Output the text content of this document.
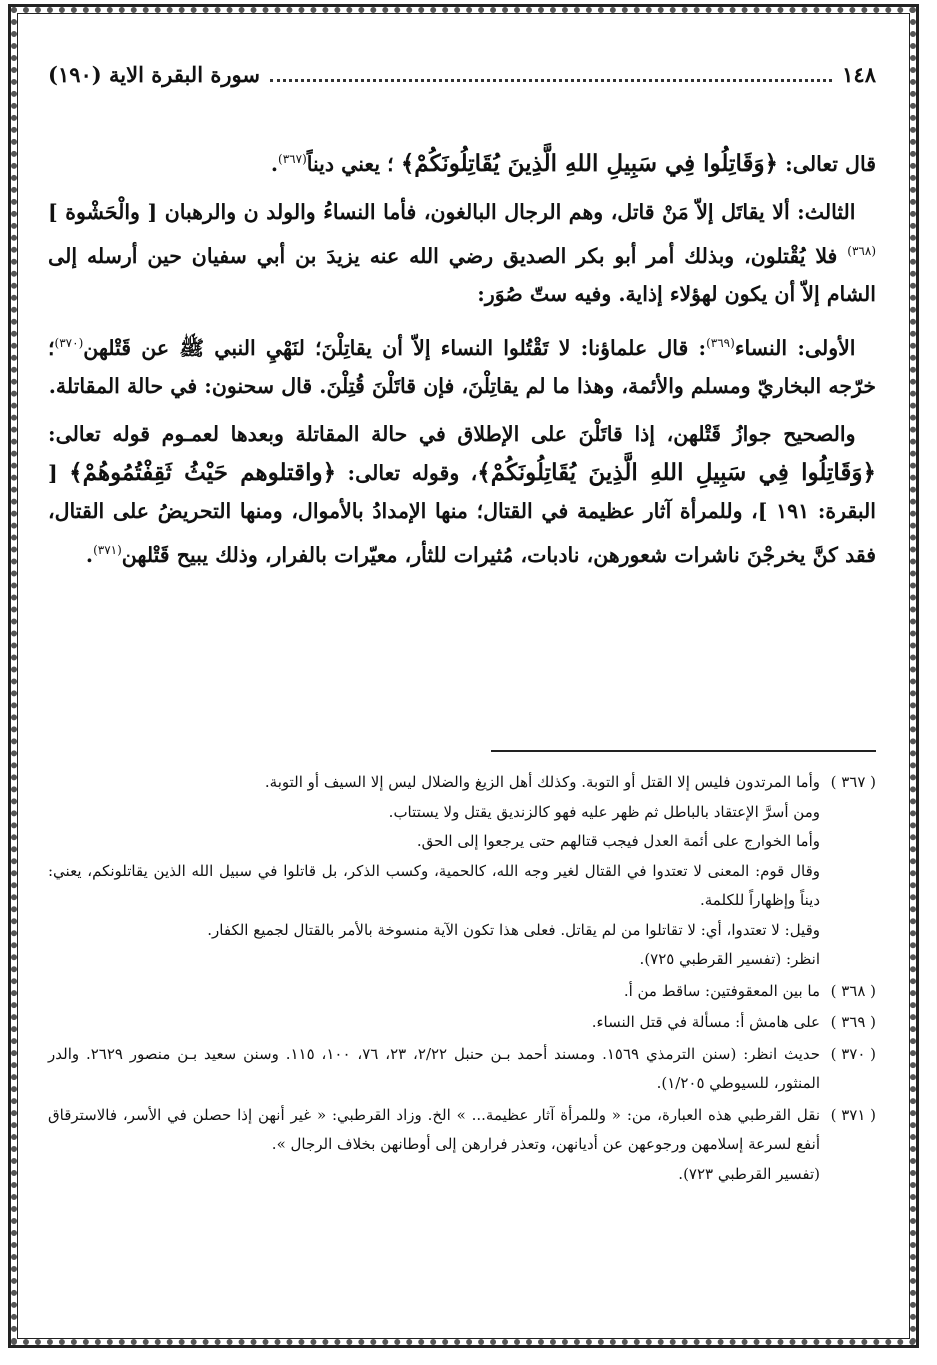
١٤٨
سورة البقرة الاية (١٩٠)

قال تعالى: ﴿وَقَاتِلُوا فِي سَبِيلِ اللهِ الَّذِينَ يُقَاتِلُونَكُمْ﴾ ؛ يعني ديناً$^{(٣٦٧)}$.

 الثالث: ألا يقاتَل إلاّ مَنْ قاتل، وهم الرجال البالغون، فأما النساءُ والولد ن والرهبان [ والْحَشْوة ]$^{(٣٦٨)}$ فلا يُقْتلون، وبذلك أمر أبو بكر الصديق رضي الله عنه يزيدَ بن أبي سفيان حين أرسله إلى الشام إلاّ أن يكون لهؤلاء إذاية. وفيه ستّ صُوَر:

 الأولى: النساء$^{(٣٦٩)}$: قال علماؤنا: لا تَقْتُلوا النساء إلاّ أن يقاتِلْنَ؛ لنَهْيِ النبي ﷺ عن قَتْلهن$^{(٣٧٠)}$؛ خرّجه البخاريّ ومسلم والأئمة، وهذا ما لم يقاتِلْنَ، فإن قاتَلْنَ قُتِلْنَ. قال سحنون: في حالة المقاتلة.

 والصحيح جوازُ قَتْلهن، إذا قاتَلْنَ على الإطلاق في حالة المقاتلة وبعدها لعمـوم قوله تعالى: ﴿وَقَاتِلُوا فِي سَبِيلِ اللهِ الَّذِينَ يُقَاتِلُونَكُمْ﴾، وقوله تعالى: ﴿واقتلوهم حَيْثُ ثَقِفْتُمُوهُمْ﴾ [ البقرة: ١٩١ ]، وللمرأة آثار عظيمة في القتال؛ منها الإمدادُ بالأموال، ومنها التحريضُ على القتال، فقد كنَّ يخرجْنَ ناشرات شعورهن، نادبات، مُثيرات للثأر، معيّرات بالفرار، وذلك يبيح قَتْلهن$^{(٣٧١)}$.

( ٣٦٧ )
وأما المرتدون فليس إلا القتل أو التوبة. وكذلك أهل الزيغ والضلال ليس إلا السيف أو التوبة.
ومن أسرَّ الإعتقاد بالباطل ثم ظهر عليه فهو كالزنديق يقتل ولا يستتاب.
وأما الخوارج على أئمة العدل فيجب قتالهم حتى يرجعوا إلى الحق.
وقال قوم: المعنى لا تعتدوا في القتال لغير وجه الله، كالحمية، وكسب الذكر، بل قاتلوا في سبيل الله الذين يقاتلونكم، يعني: ديناً وإظهاراً للكلمة.
وقيل: لا تعتدوا، أي: لا تقاتلوا من لم يقاتل. فعلى هذا تكون الآية منسوخة بالأمر بالقتال لجميع الكفار.
انظر: (تفسير القرطبي ٧٢٥).
( ٣٦٨ )
ما بين المعقوفتين: ساقط من أ.
( ٣٦٩ )
على هامش أ: مسألة في قتل النساء.
( ٣٧٠ )
حديث انظر: (سنن الترمذي ١٥٦٩. ومسند أحمد بـن حنبل ٢/٢٢، ٢٣، ٧٦، ١٠٠، ١١٥. وسنن سعيد بـن منصور ٢٦٢٩. والدر المنثور، للسيوطي ١/٢٠٥).
( ٣٧١ )
نقل القرطبي هذه العبارة، من: « وللمرأة آثار عظيمة... » الخ. وزاد القرطبي: « غير أنهن إذا حصلن في الأسر، فالاسترقاق أنفع لسرعة إسلامهن ورجوعهن عن أديانهن، وتعذر فرارهن إلى أوطانهن بخلاف الرجال ».
(تفسير القرطبي ٧٢٣).
